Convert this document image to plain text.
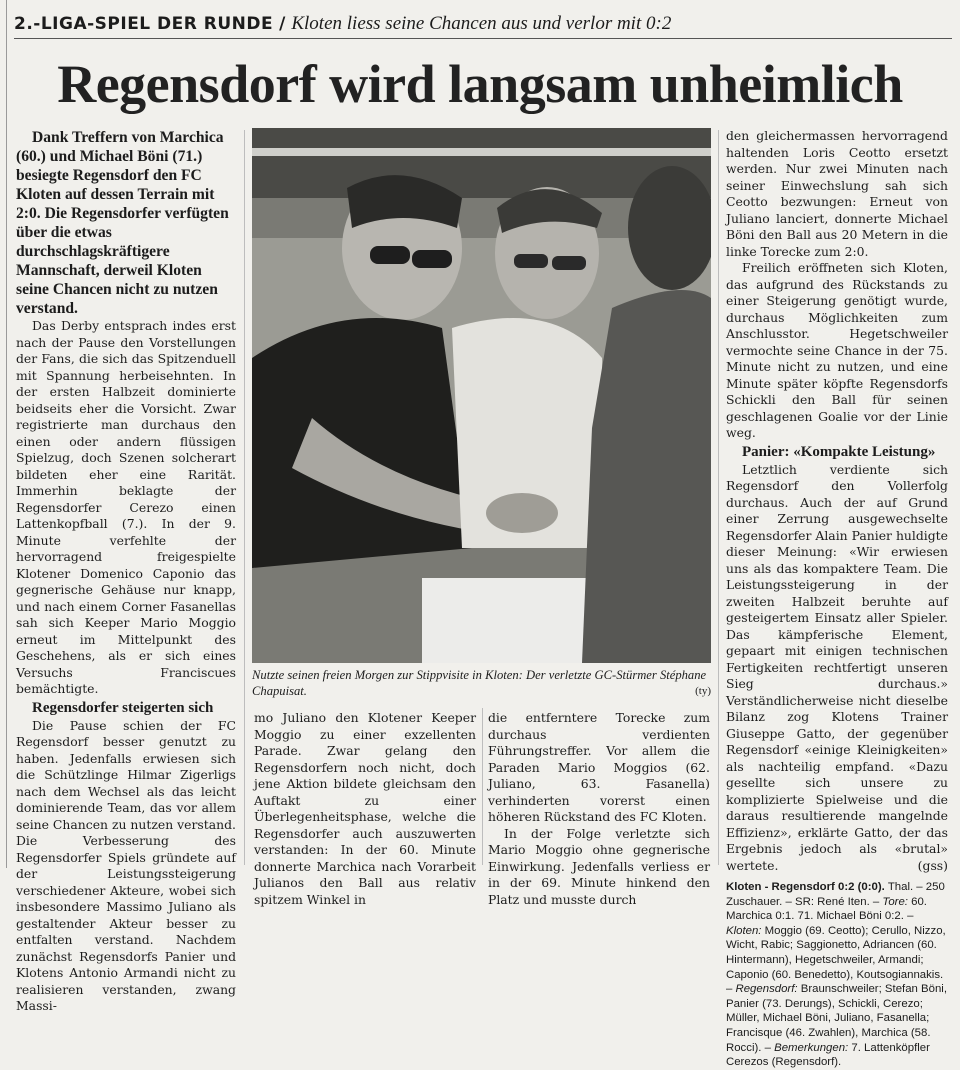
2.-LIGA-SPIEL DER RUNDE / Kloten liess seine Chancen aus und verlor mit 0:2
Regensdorf wird langsam unheimlich

Dank Treffern von Marchica (60.) und Michael Böni (71.) besiegte Regensdorf den FC Kloten auf dessen Terrain mit 2:0. Die Regensdorfer verfügten über die etwas durchschlagskräftigere Mannschaft, derweil Kloten seine Chancen nicht zu nutzen verstand.

Das Derby entsprach indes erst nach der Pause den Vorstellungen der Fans, die sich das Spitzenduell mit Spannung herbeisehnten. In der ersten Halbzeit dominierte beidseits eher die Vorsicht. Zwar registrierte man durchaus den einen oder andern flüssigen Spielzug, doch Szenen solcherart bildeten eher eine Rarität. Immerhin beklagte der Regensdorfer Cerezo einen Lattenkopfball (7.). In der 9. Minute verfehlte der hervorragend freigespielte Klotener Domenico Caponio das gegnerische Gehäuse nur knapp, und nach einem Corner Fasanellas sah sich Keeper Mario Moggio erneut im Mittelpunkt des Geschehens, als er sich eines Versuchs Franciscues bemächtigte.

Regensdorfer steigerten sich

Die Pause schien der FC Regensdorf besser genutzt zu haben. Jedenfalls erwiesen sich die Schützlinge Hilmar Zigerligs nach dem Wechsel als das leicht dominierende Team, das vor allem seine Chancen zu nutzen verstand. Die Verbesserung des Regensdorfer Spiels gründete auf der Leistungssteigerung verschiedener Akteure, wobei sich insbesondere Massimo Juliano als gestaltender Akteur besser zu entfalten verstand. Nachdem zunächst Regensdorfs Panier und Klotens Antonio Armandi nicht zu realisieren verstanden, zwang Massi-

Nutzte seinen freien Morgen zur Stippvisite in Kloten: Der verletzte GC-Stürmer Stéphane Chapuisat.	(ty)

mo Juliano den Klotener Keeper Moggio zu einer exzellenten Parade. Zwar gelang den Regensdorfern noch nicht, doch jene Aktion bildete gleichsam den Auftakt zu einer Überlegenheitsphase, welche die Regensdorfer auch auszuwerten verstanden: In der 60. Minute donnerte Marchica nach Vorarbeit Julianos den Ball aus relativ spitzem Winkel in

die entferntere Torecke zum durchaus verdienten Führungstreffer. Vor allem die Paraden Mario Moggios (62. Juliano, 63. Fasanella) verhinderten vorerst einen höheren Rückstand des FC Kloten.

In der Folge verletzte sich Mario Moggio ohne gegnerische Einwirkung. Jedenfalls verliess er in der 69. Minute hinkend den Platz und musste durch

den gleichermassen hervorragend haltenden Loris Ceotto ersetzt werden. Nur zwei Minuten nach seiner Einwechslung sah sich Ceotto bezwungen: Erneut von Juliano lanciert, donnerte Michael Böni den Ball aus 20 Metern in die linke Torecke zum 2:0.

Freilich eröffneten sich Kloten, das aufgrund des Rückstands zu einer Steigerung genötigt wurde, durchaus Möglichkeiten zum Anschlusstor. Hegetschweiler vermochte seine Chance in der 75. Minute nicht zu nutzen, und eine Minute später köpfte Regensdorfs Schickli den Ball für seinen geschlagenen Goalie vor der Linie weg.

Panier: «Kompakte Leistung»

Letztlich verdiente sich Regensdorf den Vollerfolg durchaus. Auch der auf Grund einer Zerrung ausgewechselte Regensdorfer Alain Panier huldigte dieser Meinung: «Wir erwiesen uns als das kompaktere Team. Die Leistungssteigerung in der zweiten Halbzeit beruhte auf gesteigertem Einsatz aller Spieler. Das kämpferische Element, gepaart mit einigen technischen Fertigkeiten rechtfertigt unseren Sieg durchaus.» Verständlicherweise nicht dieselbe Bilanz zog Klotens Trainer Giuseppe Gatto, der gegenüber Regensdorf «einige Kleinigkeiten» als nachteilig empfand. «Dazu gesellte sich unsere zu komplizierte Spielweise und die daraus resultierende mangelnde Effizienz», erklärte Gatto, der das Ergebnis jedoch als «brutal» wertete.	(gss)

Kloten - Regensdorf 0:2 (0:0). Thal. – 250 Zuschauer. – SR: René Iten. – Tore: 60. Marchica 0:1. 71. Michael Böni 0:2. – Kloten: Moggio (69. Ceotto); Cerullo, Nizzo, Wicht, Rabic; Saggionetto, Adriancen (60. Hintermann), Hegetschweiler, Armandi; Caponio (60. Benedetto), Koutsogiannakis. – Regensdorf: Braunschweiler; Stefan Böni, Panier (73. Derungs), Schickli, Cerezo; Müller, Michael Böni, Juliano, Fasanella; Francisque (46. Zwahlen), Marchica (58. Rocci). – Bemerkungen: 7. Lattenköpfler Cerezos (Regensdorf).
